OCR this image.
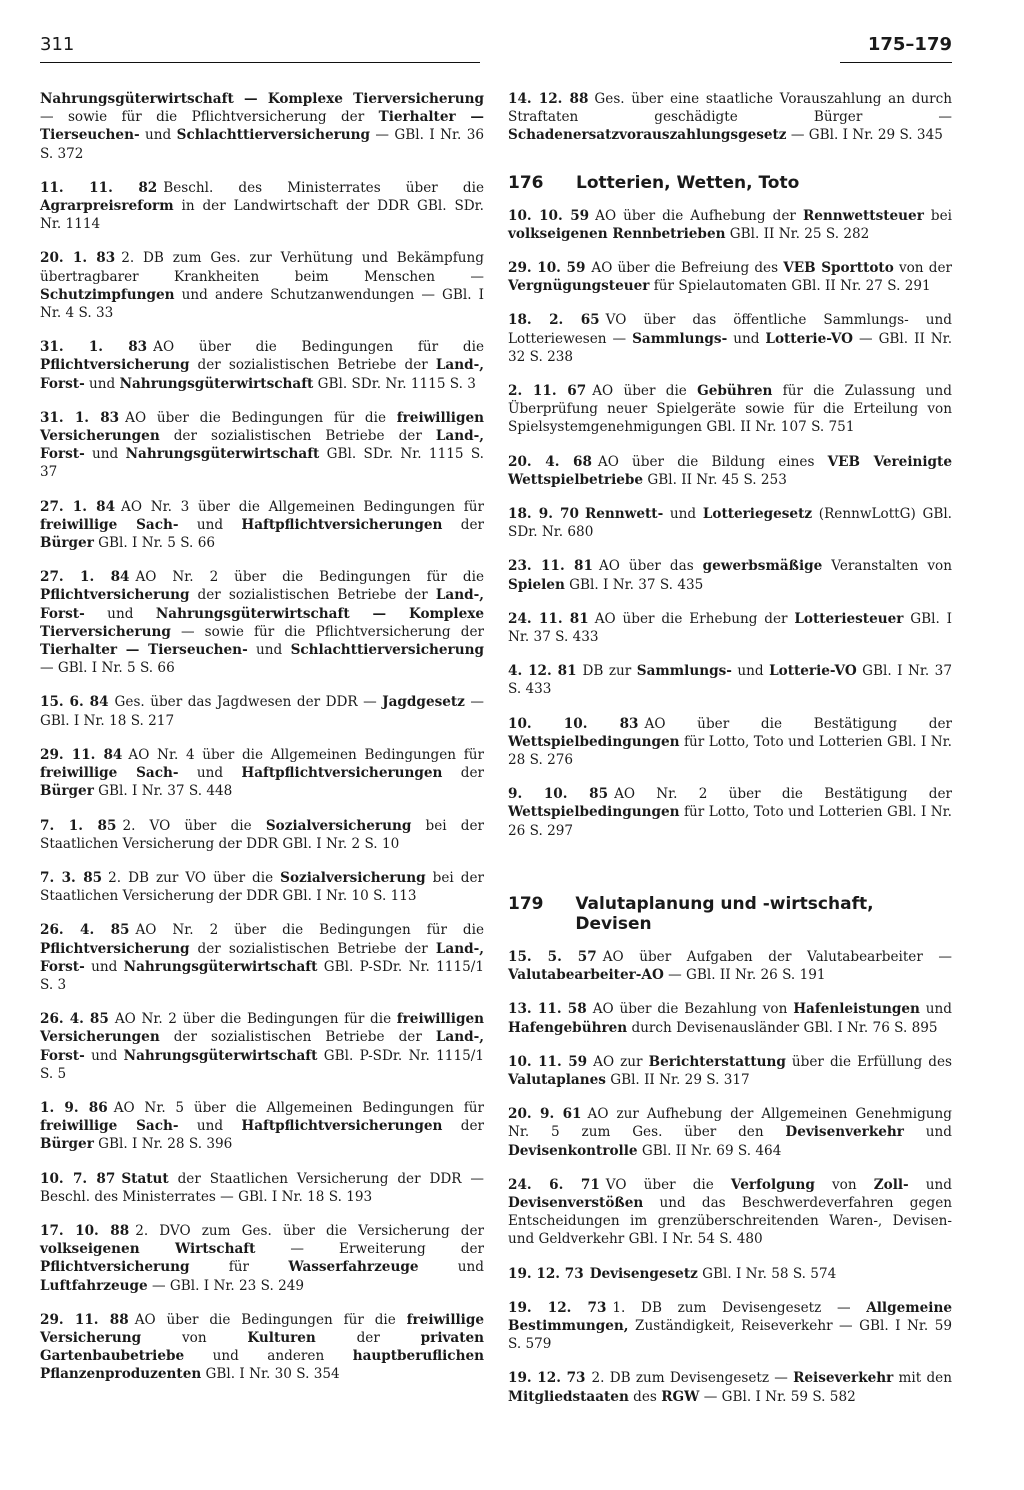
311	175–179

Nahrungsgüterwirtschaft — Komplexe Tierversicherung — sowie für die Pflichtversicherung der Tierhalter — Tierseuchen- und Schlachttierversicherung — GBl. I Nr. 36 S. 372

11. 11. 82 Beschl. des Ministerrates über die Agrarpreisreform in der Landwirtschaft der DDR GBl. SDr. Nr. 1114

20. 1. 83 2. DB zum Ges. zur Verhütung und Bekämpfung übertragbarer Krankheiten beim Menschen — Schutzimpfungen und andere Schutzanwendungen — GBl. I Nr. 4 S. 33

31. 1. 83 AO über die Bedingungen für die Pflichtversicherung der sozialistischen Betriebe der Land-, Forst- und Nahrungsgüterwirtschaft GBl. SDr. Nr. 1115 S. 3

31. 1. 83 AO über die Bedingungen für die freiwilligen Versicherungen der sozialistischen Betriebe der Land-, Forst- und Nahrungsgüterwirtschaft GBl. SDr. Nr. 1115 S. 37

27. 1. 84 AO Nr. 3 über die Allgemeinen Bedingungen für freiwillige Sach- und Haftpflichtversicherungen der Bürger GBl. I Nr. 5 S. 66

27. 1. 84 AO Nr. 2 über die Bedingungen für die Pflichtversicherung der sozialistischen Betriebe der Land-, Forst- und Nahrungsgüterwirtschaft — Komplexe Tierversicherung — sowie für die Pflichtversicherung der Tierhalter — Tierseuchen- und Schlachttierversicherung — GBl. I Nr. 5 S. 66

15. 6. 84 Ges. über das Jagdwesen der DDR — Jagdgesetz — GBl. I Nr. 18 S. 217

29. 11. 84 AO Nr. 4 über die Allgemeinen Bedingungen für freiwillige Sach- und Haftpflichtversicherungen der Bürger GBl. I Nr. 37 S. 448

7. 1. 85 2. VO über die Sozialversicherung bei der Staatlichen Versicherung der DDR GBl. I Nr. 2 S. 10

7. 3. 85 2. DB zur VO über die Sozialversicherung bei der Staatlichen Versicherung der DDR GBl. I Nr. 10 S. 113

26. 4. 85 AO Nr. 2 über die Bedingungen für die Pflichtversicherung der sozialistischen Betriebe der Land-, Forst- und Nahrungsgüterwirtschaft GBl. P-SDr. Nr. 1115/1 S. 3

26. 4. 85 AO Nr. 2 über die Bedingungen für die freiwilligen Versicherungen der sozialistischen Betriebe der Land-, Forst- und Nahrungsgüterwirtschaft GBl. P-SDr. Nr. 1115/1 S. 5

1. 9. 86 AO Nr. 5 über die Allgemeinen Bedingungen für freiwillige Sach- und Haftpflichtversicherungen der Bürger GBl. I Nr. 28 S. 396

10. 7. 87 Statut der Staatlichen Versicherung der DDR — Beschl. des Ministerrates — GBl. I Nr. 18 S. 193

17. 10. 88 2. DVO zum Ges. über die Versicherung der volkseigenen Wirtschaft — Erweiterung der Pflichtversicherung für Wasserfahrzeuge und Luftfahrzeuge — GBl. I Nr. 23 S. 249

29. 11. 88 AO über die Bedingungen für die freiwillige Versicherung von Kulturen der privaten Gartenbaubetriebe und anderen hauptberuflichen Pflanzenproduzenten GBl. I Nr. 30 S. 354

14. 12. 88 Ges. über eine staatliche Vorauszahlung an durch Straftaten geschädigte Bürger — Schadenersatzvorauszahlungsgesetz — GBl. I Nr. 29 S. 345

176	Lotterien, Wetten, Toto

10. 10. 59 AO über die Aufhebung der Rennwettsteuer bei volkseigenen Rennbetrieben GBl. II Nr. 25 S. 282

29. 10. 59 AO über die Befreiung des VEB Sporttoto von der Vergnügungsteuer für Spielautomaten GBl. II Nr. 27 S. 291

18. 2. 65 VO über das öffentliche Sammlungs- und Lotteriewesen — Sammlungs- und Lotterie-VO — GBl. II Nr. 32 S. 238

2. 11. 67 AO über die Gebühren für die Zulassung und Überprüfung neuer Spielgeräte sowie für die Erteilung von Spielsystemgenehmigungen GBl. II Nr. 107 S. 751

20. 4. 68 AO über die Bildung eines VEB Vereinigte Wettspielbetriebe GBl. II Nr. 45 S. 253

18. 9. 70 Rennwett- und Lotteriegesetz (RennwLottG) GBl. SDr. Nr. 680

23. 11. 81 AO über das gewerbsmäßige Veranstalten von Spielen GBl. I Nr. 37 S. 435

24. 11. 81 AO über die Erhebung der Lotteriesteuer GBl. I Nr. 37 S. 433

4. 12. 81 DB zur Sammlungs- und Lotterie-VO GBl. I Nr. 37 S. 433

10. 10. 83 AO über die Bestätigung der Wettspielbedingungen für Lotto, Toto und Lotterien GBl. I Nr. 28 S. 276

9. 10. 85 AO Nr. 2 über die Bestätigung der Wettspielbedingungen für Lotto, Toto und Lotterien GBl. I Nr. 26 S. 297

179	Valutaplanung und -wirtschaft, Devisen

15. 5. 57 AO über Aufgaben der Valutabearbeiter — Valutabearbeiter-AO — GBl. II Nr. 26 S. 191

13. 11. 58 AO über die Bezahlung von Hafenleistungen und Hafengebühren durch Devisenausländer GBl. I Nr. 76 S. 895

10. 11. 59 AO zur Berichterstattung über die Erfüllung des Valutaplanes GBl. II Nr. 29 S. 317

20. 9. 61 AO zur Aufhebung der Allgemeinen Genehmigung Nr. 5 zum Ges. über den Devisenverkehr und Devisenkontrolle GBl. II Nr. 69 S. 464

24. 6. 71 VO über die Verfolgung von Zoll- und Devisenverstößen und das Beschwerdeverfahren gegen Entscheidungen im grenzüberschreitenden Waren-, Devisen- und Geldverkehr GBl. I Nr. 54 S. 480

19. 12. 73 Devisengesetz GBl. I Nr. 58 S. 574

19. 12. 73 1. DB zum Devisengesetz — Allgemeine Bestimmungen, Zuständigkeit, Reiseverkehr — GBl. I Nr. 59 S. 579

19. 12. 73 2. DB zum Devisengesetz — Reiseverkehr mit den Mitgliedstaaten des RGW — GBl. I Nr. 59 S. 582
